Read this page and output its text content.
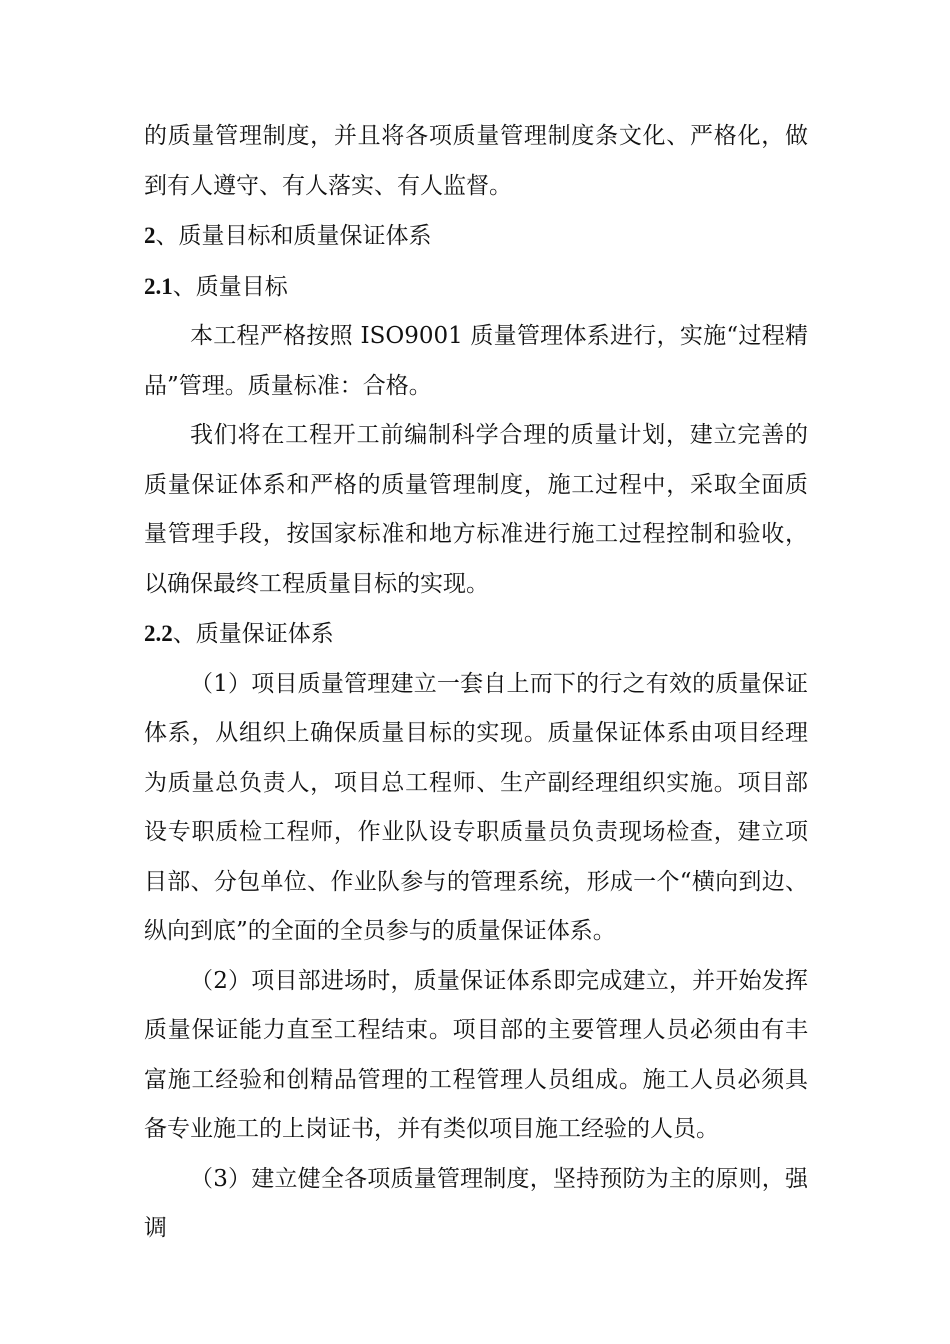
的质量管理制度，并且将各项质量管理制度条文化、严格化，做到有人遵守、有人落实、有人监督。

2、质量目标和质量保证体系

2.1、质量目标

本工程严格按照 ISO9001 质量管理体系进行，实施“过程精品”管理。质量标准：合格。

我们将在工程开工前编制科学合理的质量计划，建立完善的质量保证体系和严格的质量管理制度，施工过程中，采取全面质量管理手段，按国家标准和地方标准进行施工过程控制和验收，以确保最终工程质量目标的实现。

2.2、质量保证体系

（1）项目质量管理建立一套自上而下的行之有效的质量保证体系，从组织上确保质量目标的实现。质量保证体系由项目经理为质量总负责人，项目总工程师、生产副经理组织实施。项目部设专职质检工程师，作业队设专职质量员负责现场检查，建立项目部、分包单位、作业队参与的管理系统，形成一个“横向到边、纵向到底”的全面的全员参与的质量保证体系。

（2）项目部进场时，质量保证体系即完成建立，并开始发挥质量保证能力直至工程结束。项目部的主要管理人员必须由有丰富施工经验和创精品管理的工程管理人员组成。施工人员必须具备专业施工的上岗证书，并有类似项目施工经验的人员。

（3）建立健全各项质量管理制度，坚持预防为主的原则，强调
